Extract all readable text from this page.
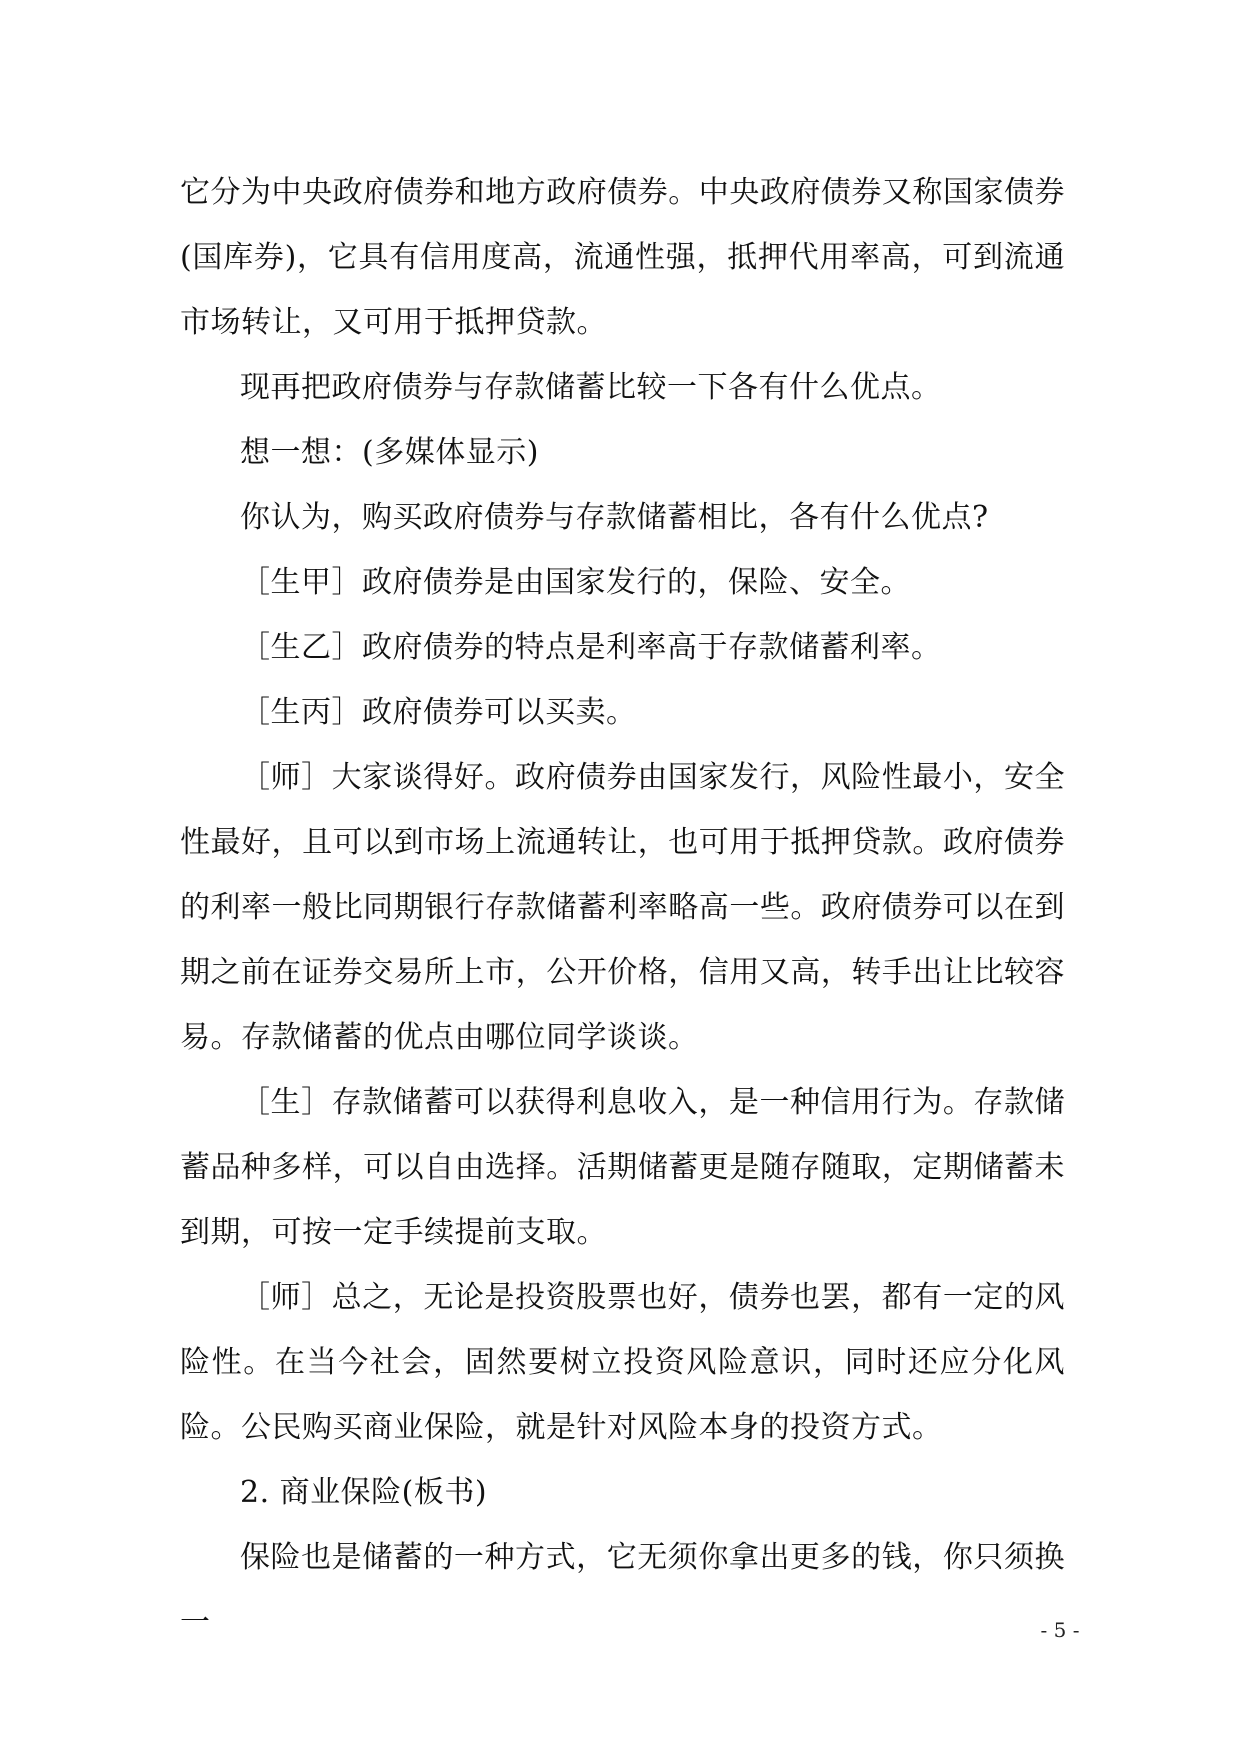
它分为中央政府债券和地方政府债券。中央政府债券又称国家债券(国库券)，它具有信用度高，流通性强，抵押代用率高，可到流通市场转让，又可用于抵押贷款。

现再把政府债券与存款储蓄比较一下各有什么优点。

想一想：(多媒体显示)

你认为，购买政府债券与存款储蓄相比，各有什么优点?

［生甲］政府债券是由国家发行的，保险、安全。

［生乙］政府债券的特点是利率高于存款储蓄利率。

［生丙］政府债券可以买卖。

［师］大家谈得好。政府债券由国家发行，风险性最小，安全性最好，且可以到市场上流通转让，也可用于抵押贷款。政府债券的利率一般比同期银行存款储蓄利率略高一些。政府债券可以在到期之前在证券交易所上市，公开价格，信用又高，转手出让比较容易。存款储蓄的优点由哪位同学谈谈。

［生］存款储蓄可以获得利息收入，是一种信用行为。存款储蓄品种多样，可以自由选择。活期储蓄更是随存随取，定期储蓄未到期，可按一定手续提前支取。

［师］总之，无论是投资股票也好，债券也罢，都有一定的风险性。在当今社会，固然要树立投资风险意识，同时还应分化风险。公民购买商业保险，就是针对风险本身的投资方式。

2. 商业保险(板书)

保险也是储蓄的一种方式，它无须你拿出更多的钱，你只须换一	- 5 -
